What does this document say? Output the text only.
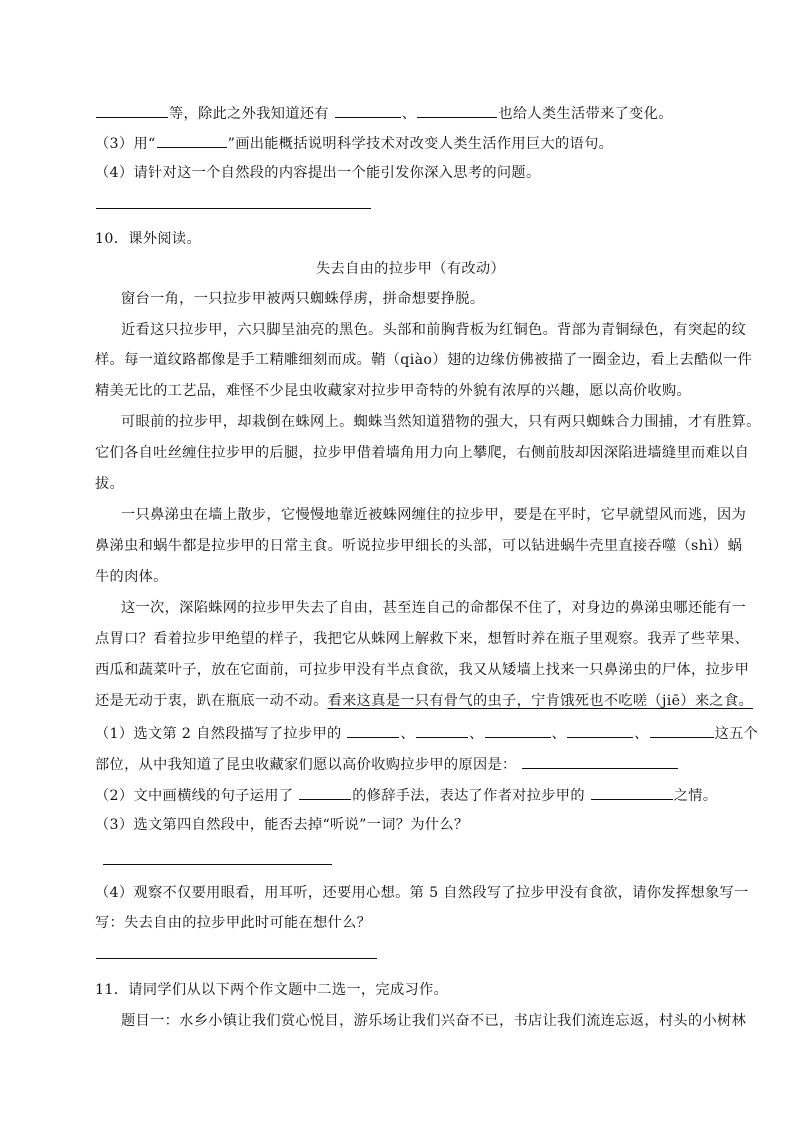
等，除此之外我知道还有	、	也给人类生活带来了变化。
（3）用“	”画出能概括说明科学技术对改变人类生活作用巨大的语句。
（4）请针对这一个自然段的内容提出一个能引发你深入思考的问题。
10．课外阅读。
失去自由的拉步甲（有改动）
窗台一角，一只拉步甲被两只蜘蛛俘虏，拼命想要挣脱。
近看这只拉步甲，六只脚呈油亮的黑色。头部和前胸背板为红铜色。背部为青铜绿色，有突起的纹
样。每一道纹路都像是手工精雕细刻而成。鞘（qiào）翅的边缘仿佛被描了一圈金边，看上去酷似一件
精美无比的工艺品，难怪不少昆虫收藏家对拉步甲奇特的外貌有浓厚的兴趣，愿以高价收购。
可眼前的拉步甲，却栽倒在蛛网上。蜘蛛当然知道猎物的强大，只有两只蜘蛛合力围捕，才有胜算。
它们各自吐丝缠住拉步甲的后腿，拉步甲借着墙角用力向上攀爬，右侧前肢却因深陷进墙缝里而难以自
拔。
一只鼻涕虫在墙上散步，它慢慢地靠近被蛛网缠住的拉步甲，要是在平时，它早就望风而逃，因为
鼻涕虫和蜗牛都是拉步甲的日常主食。听说拉步甲细长的头部，可以钻进蜗牛壳里直接吞噬（shì）蜗
牛的肉体。
这一次，深陷蛛网的拉步甲失去了自由，甚至连自己的命都保不住了，对身边的鼻涕虫哪还能有一
点胃口？看着拉步甲绝望的样子，我把它从蛛网上解救下来，想暂时养在瓶子里观察。我弄了些苹果、
西瓜和蔬菜叶子，放在它面前，可拉步甲没有半点食欲，我又从矮墙上找来一只鼻涕虫的尸体，拉步甲
还是无动于衷，趴在瓶底一动不动。看来这真是一只有骨气的虫子，宁肯饿死也不吃嗟（jiē）来之食。
（1）选文第 2 自然段描写了拉步甲的	、	、	、	、	这五个
部位，从中我知道了昆虫收藏家们愿以高价收购拉步甲的原因是：
（2）文中画横线的句子运用了	的修辞手法，表达了作者对拉步甲的	之情。
（3）选文第四自然段中，能否去掉“听说”一词？为什么？
（4）观察不仅要用眼看，用耳听，还要用心想。第 5 自然段写了拉步甲没有食欲，请你发挥想象写一
写：失去自由的拉步甲此时可能在想什么？
11．请同学们从以下两个作文题中二选一，完成习作。
题目一：水乡小镇让我们赏心悦目，游乐场让我们兴奋不已，书店让我们流连忘返，村头的小树林
